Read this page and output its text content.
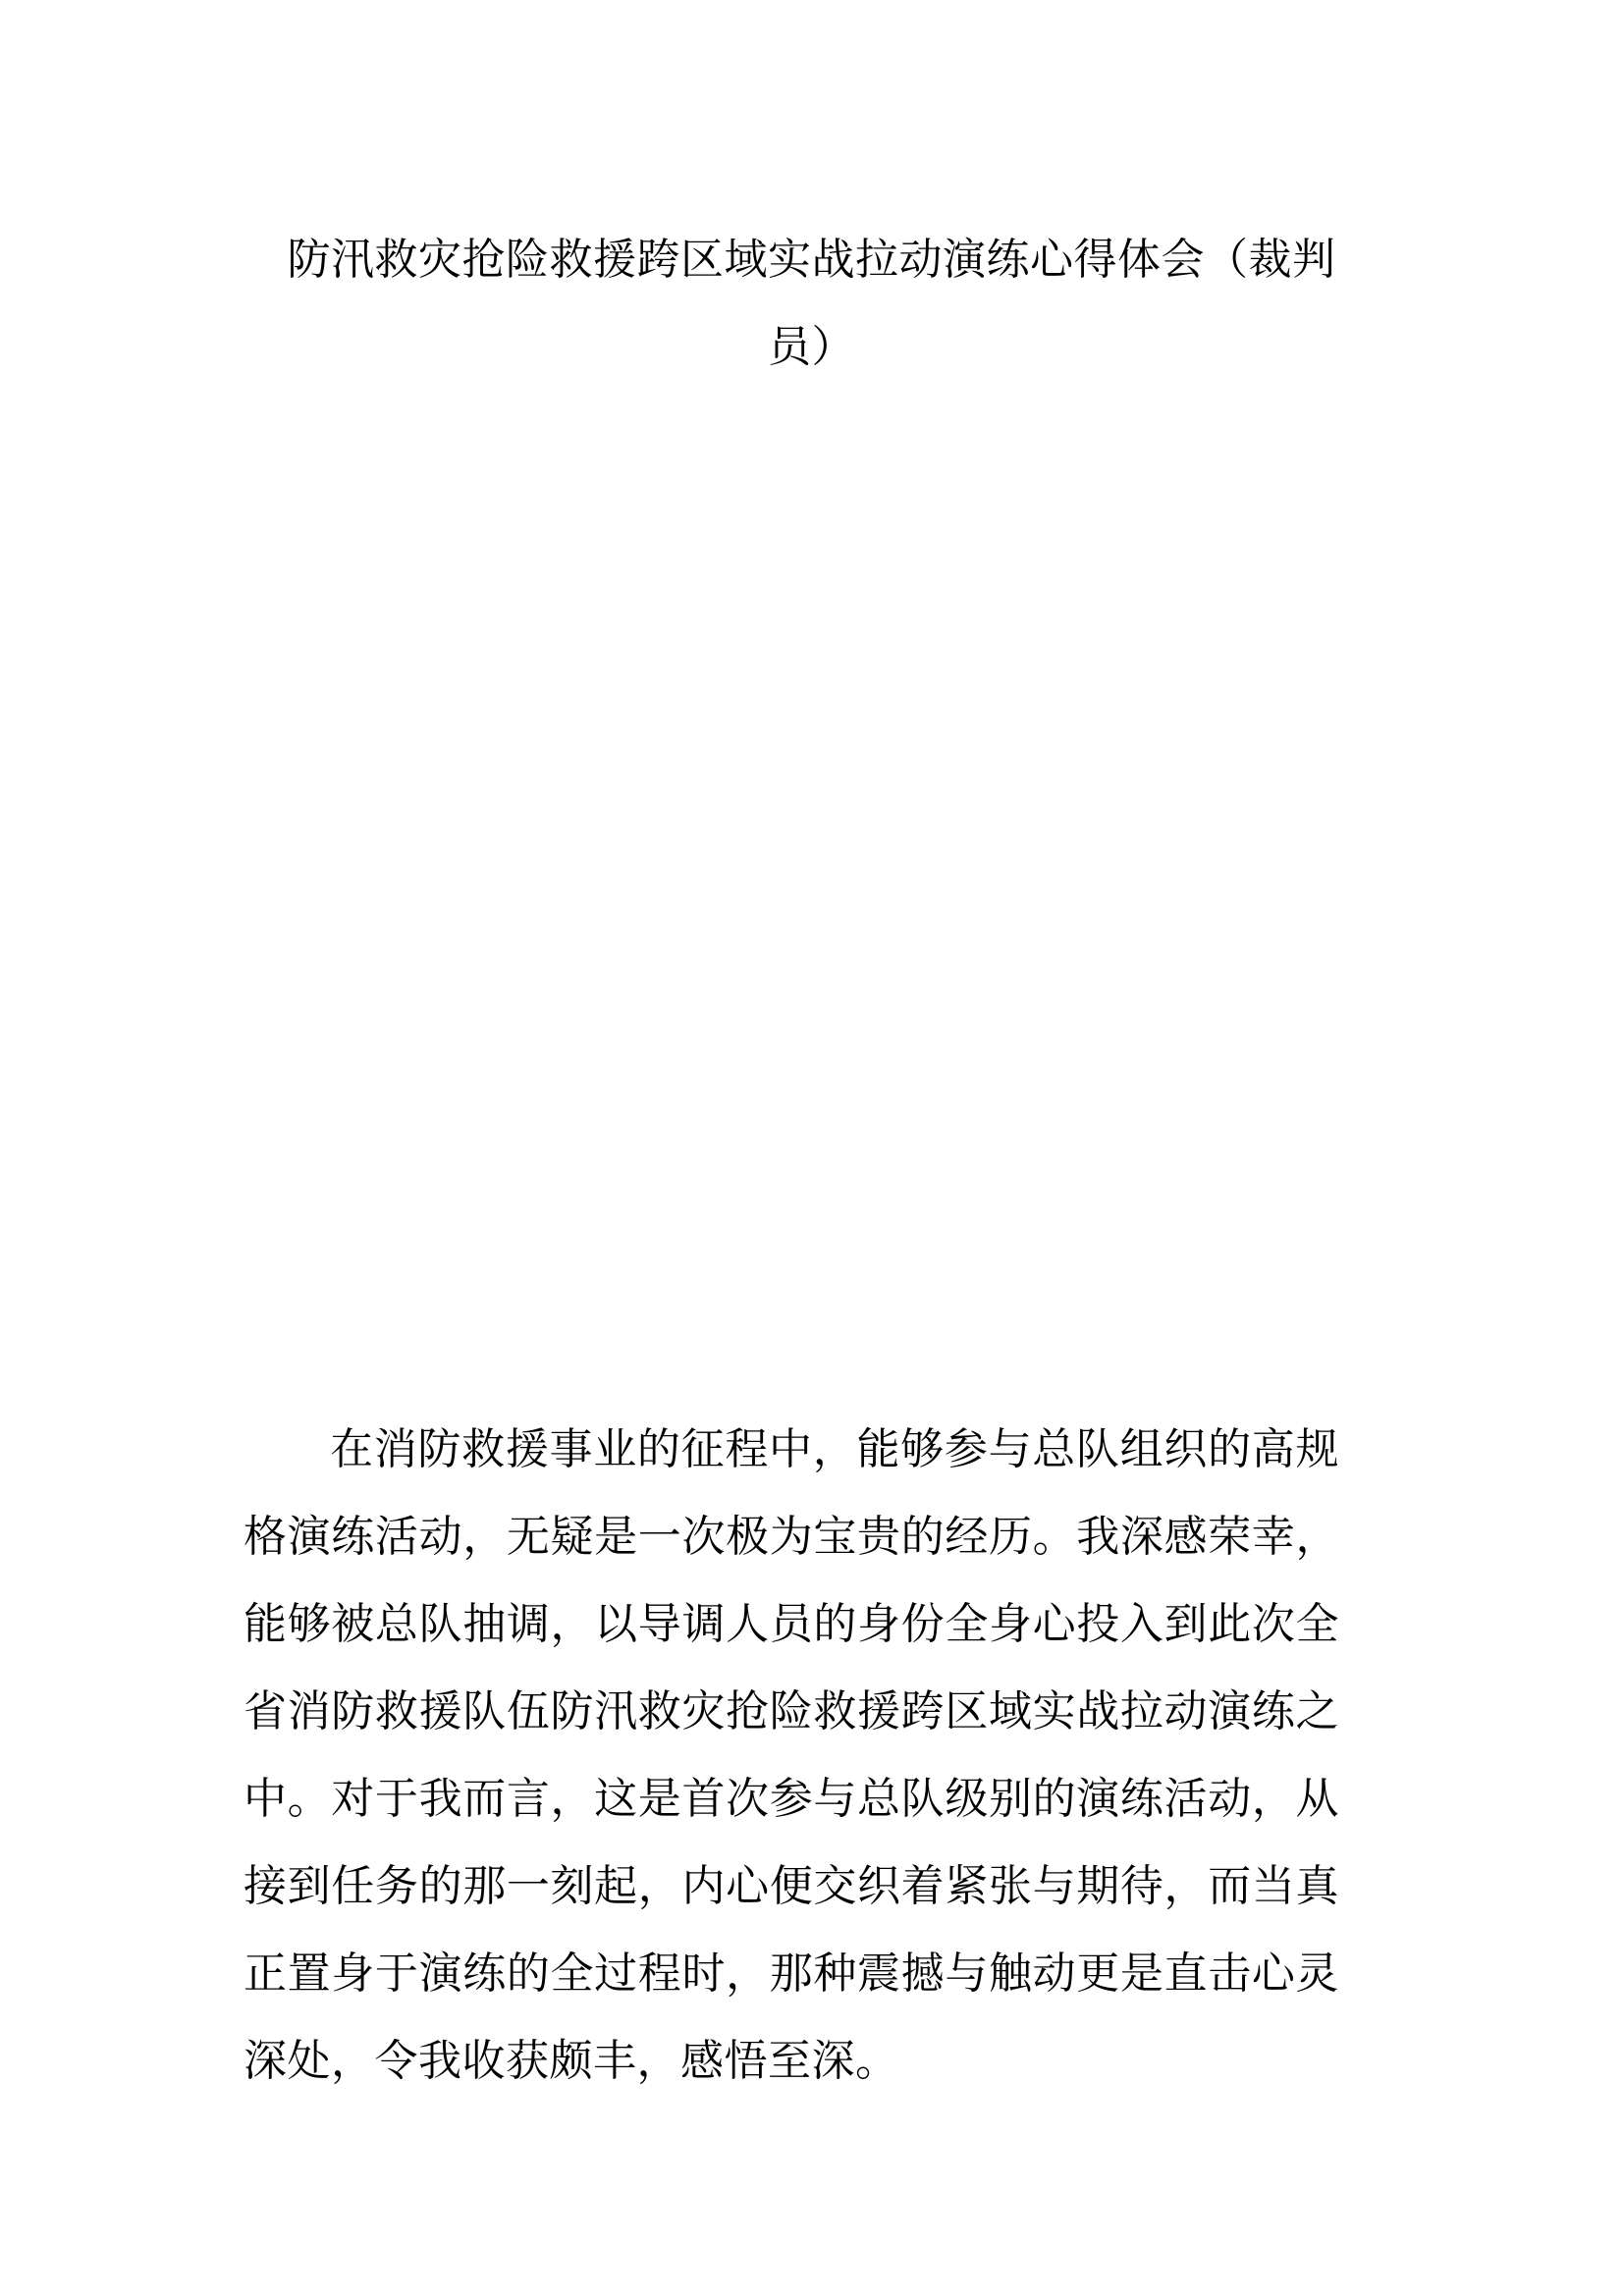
防汛救灾抢险救援跨区域实战拉动演练心得体会（裁判员）

在消防救援事业的征程中，能够参与总队组织的高规格演练活动，无疑是一次极为宝贵的经历。我深感荣幸，能够被总队抽调，以导调人员的身份全身心投入到此次全省消防救援队伍防汛救灾抢险救援跨区域实战拉动演练之中。对于我而言，这是首次参与总队级别的演练活动，从接到任务的那一刻起，内心便交织着紧张与期待，而当真正置身于演练的全过程时，那种震撼与触动更是直击心灵深处，令我收获颇丰，感悟至深。
